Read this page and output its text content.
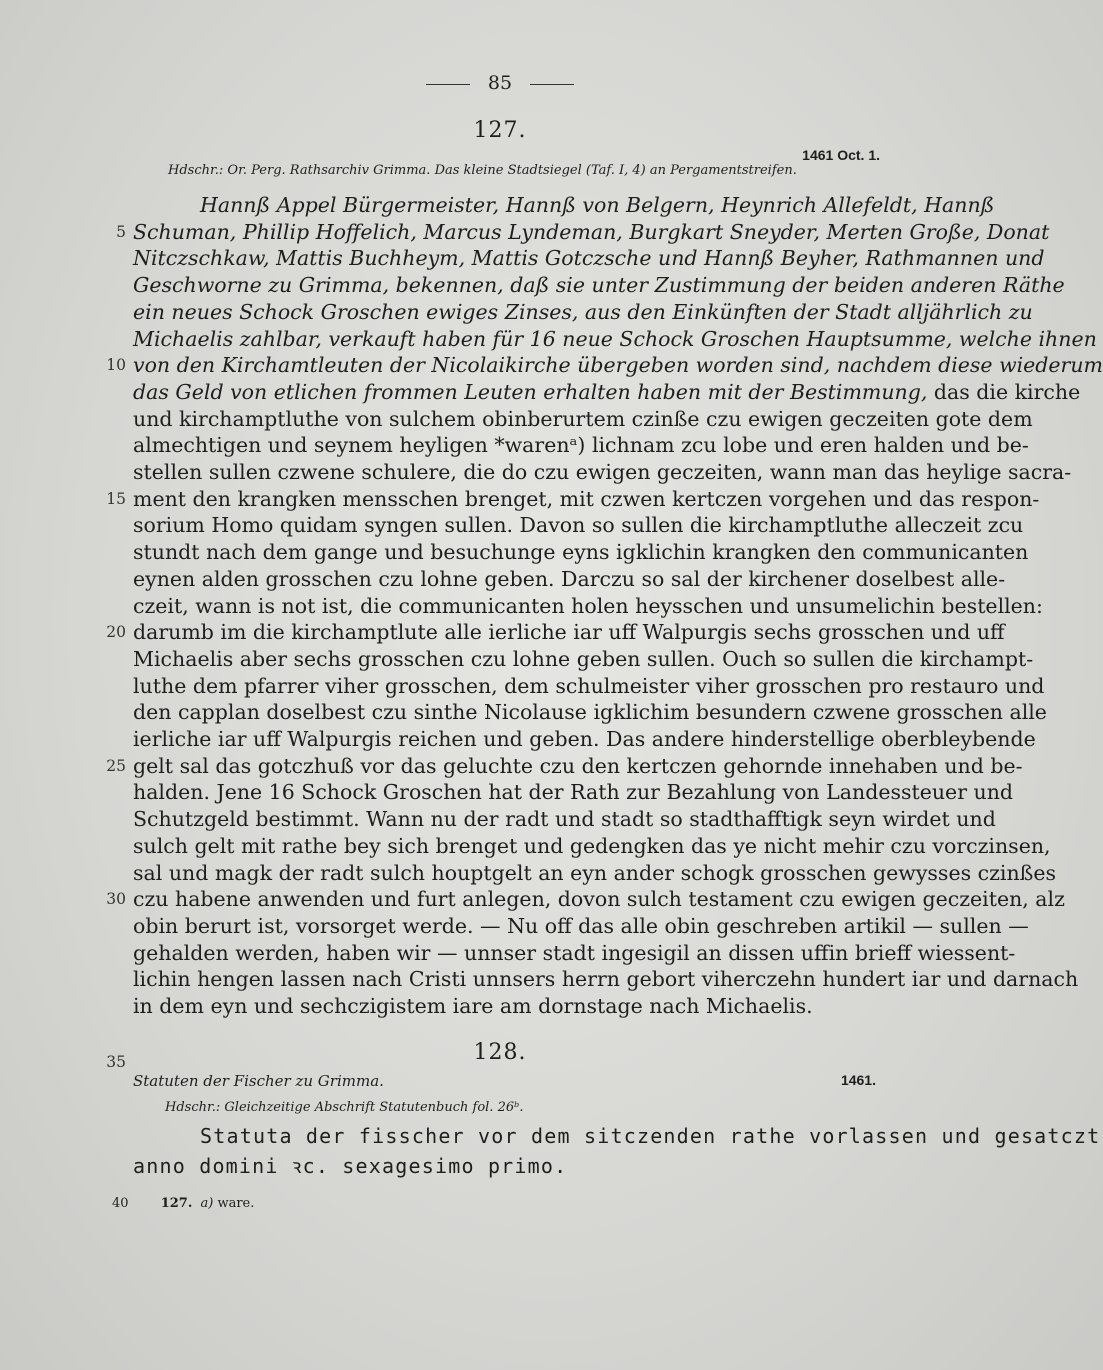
85
127.
1461 Oct. 1.
Hdschr.: Or. Perg. Rathsarchiv Grimma. Das kleine Stadtsiegel (Taf. I, 4) an Pergamentstreifen.
Hannß Appel Bürgermeister, Hannß von Belgern, Heynrich Allefeldt, Hannß
5 Schuman, Phillip Hoffelich, Marcus Lyndeman, Burgkart Sneyder, Merten Große, Donat
Nitczschkaw, Mattis Buchheym, Mattis Gotczsche und Hannß Beyher, Rathmannen und
Geschworne zu Grimma, bekennen, daß sie unter Zustimmung der beiden anderen Räthe
ein neues Schock Groschen ewiges Zinses, aus den Einkünften der Stadt alljährlich zu
Michaelis zahlbar, verkauft haben für 16 neue Schock Groschen Hauptsumme, welche ihnen
10 von den Kirchamtleuten der Nicolaikirche übergeben worden sind, nachdem diese wiederum
das Geld von etlichen frommen Leuten erhalten haben mit der Bestimmung, das die kirche
und kirchamptluthe von sulchem obinberurtem czinße czu ewigen geczeiten gote dem
almechtigen und seynem heyligen *warenᵃ) lichnam zcu lobe und eren halden und be-
stellen sullen czwene schulere, die do czu ewigen geczeiten, wann man das heylige sacra-
15 ment den krangken mensschen brenget, mit czwen kertczen vorgehen und das respon-
sorium Homo quidam syngen sullen. Davon so sullen die kirchamptluthe alleczeit zcu
stundt nach dem gange und besuchunge eyns igklichin krangken den communicanten
eynen alden grosschen czu lohne geben. Darczu so sal der kirchener doselbest alle-
czeit, wann is not ist, die communicanten holen heysschen und unsumelichin bestellen:
20 darumb im die kirchamptlute alle ierliche iar uff Walpurgis sechs grosschen und uff
Michaelis aber sechs grosschen czu lohne geben sullen. Ouch so sullen die kirchampt-
luthe dem pfarrer viher grosschen, dem schulmeister viher grosschen pro restauro und
den capplan doselbest czu sinthe Nicolause igklichim besundern czwene grosschen alle
ierliche iar uff Walpurgis reichen und geben. Das andere hinderstellige oberbleybende
25 gelt sal das gotczhuß vor das geluchte czu den kertczen gehornde innehaben und be-
halden. Jene 16 Schock Groschen hat der Rath zur Bezahlung von Landessteuer und
Schutzgeld bestimmt. Wann nu der radt und stadt so stadthafftigk seyn wirdet und
sulch gelt mit rathe bey sich brenget und gedengken das ye nicht mehir czu vorczinsen,
sal und magk der radt sulch houptgelt an eyn ander schogk grosschen gewysses czinßes
30 czu habene anwenden und furt anlegen, dovon sulch testament czu ewigen geczeiten, alz
obin berurt ist, vorsorget werde. — Nu off das alle obin geschreben artikil — sullen —
gehalden werden, haben wir — unnser stadt ingesigil an dissen uffin brieff wiessent-
lichin hengen lassen nach Cristi unnsers herrn gebort viherczehn hundert iar und darnach
in dem eyn und sechczigistem iare am dornstage nach Michaelis.
35	128.
Statuten der Fischer zu Grimma.	1461.
Hdschr.: Gleichzeitige Abschrift Statutenbuch fol. 26ᵇ.
Statuta der fisscher vor dem sitczenden rathe vorlassen und gesatczt
anno domini ꝛc. sexagesimo primo.
40 127. a) ware.
